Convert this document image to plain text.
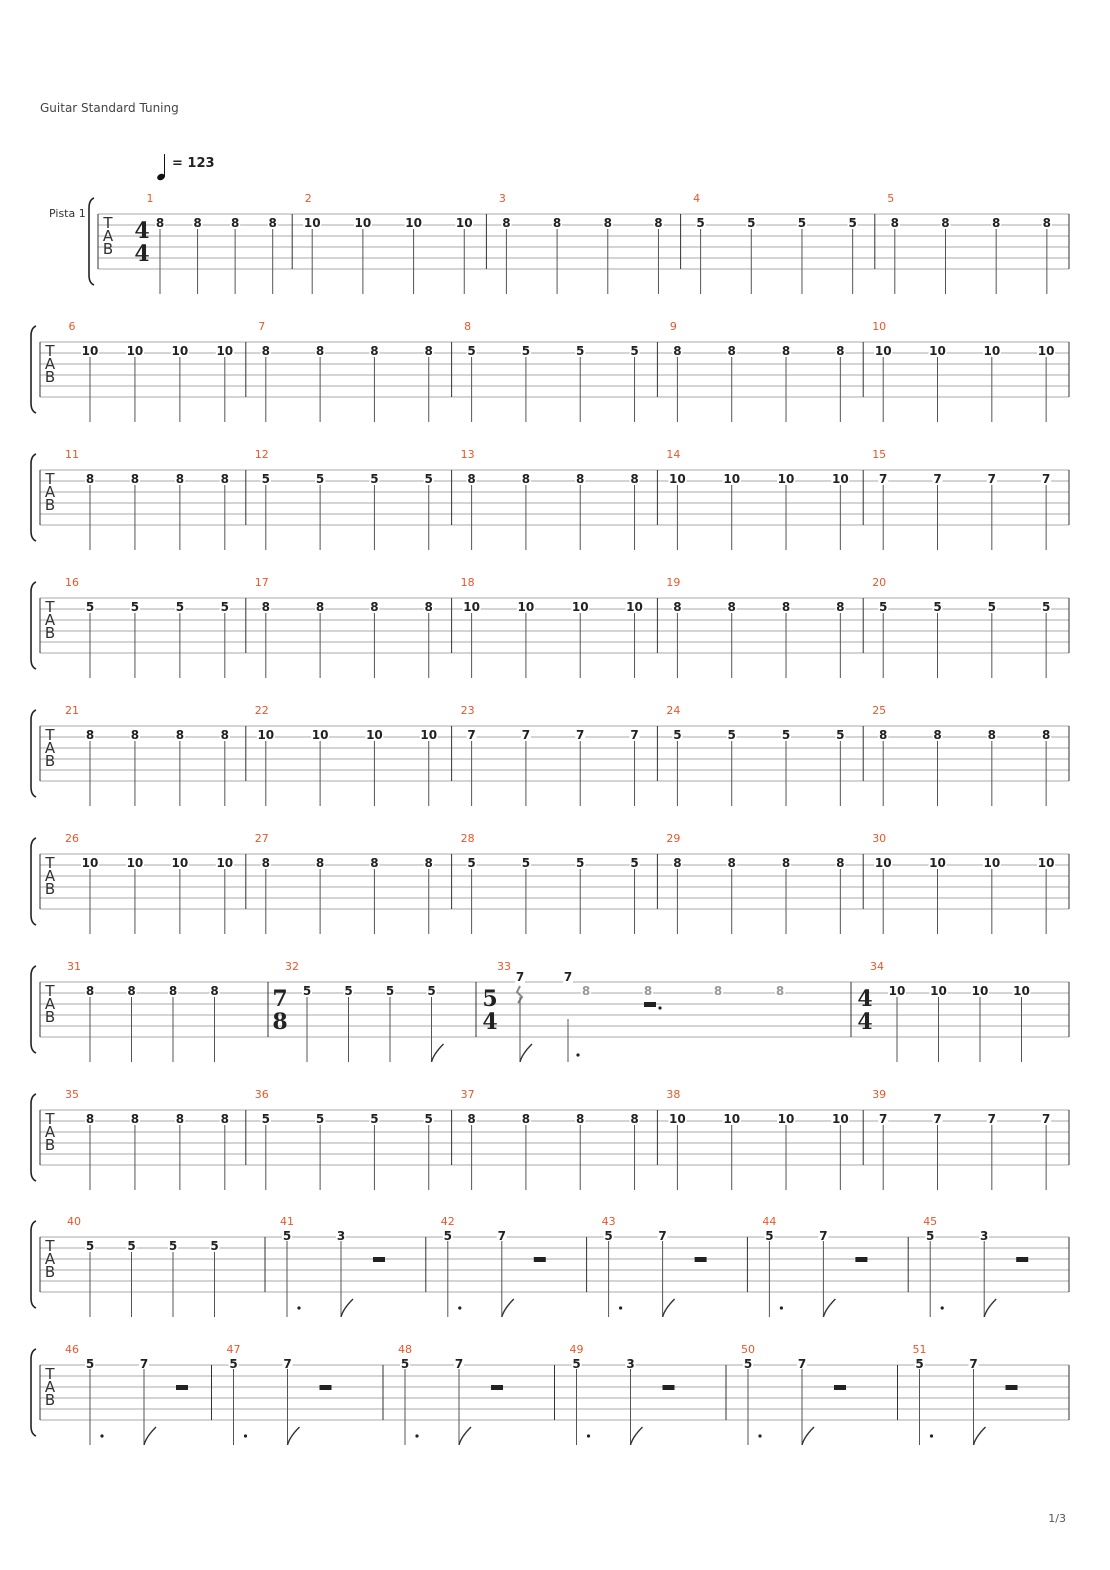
Guitar Standard Tuning
= 123
T
A
B
1
4
4
8 8 8 8
2
10	10	10	10
3
8	8	8	8
4
5	5	5	5
5
8	8	8	8
T
A
B
6
10 10 10 10
7
8	8	8	8
8
5	5	5	5
9
8	8	8	8
10
10	10	10	10
T
A
B
11
8	8	8	8
12
5	5	5	5
13
8	8	8	8
14
10	10	10	10
15
7	7	7	7
T
A
B
16
5	5	5	5
17
8	8	8	8
18
10	10	10	10
19
8	8	8	8
20
5	5	5	5
T
A
B
21
8	8	8	8
22
10	10	10	10
23
7	7	7	7
24
5	5	5	5
25
8	8	8	8
T
A
B
26
10 10 10 10
27
8	8	8	8
28
5	5	5	5
29
8	8	8	8
30
10	10	10	10
T
A
B
31
8	8	8	8
32
7
8
5	5	5	5
33
5
4
7	7
8	8	8	8
34
4
4
10 10 10 10
T
A
B
35
8	8	8	8
36
5	5	5	5
37
8	8	8	8
38
10	10	10	10
39
7	7	7	7
T
A
B
40
5	5	5	5
41
5	3
42
5	7
43
5	7
44
5	7
45
5	3
T
A
B
46
5	7
47
5	7
48
5	7
49
5	3
50
5	7
51
5	7
Pista 1
1/3
